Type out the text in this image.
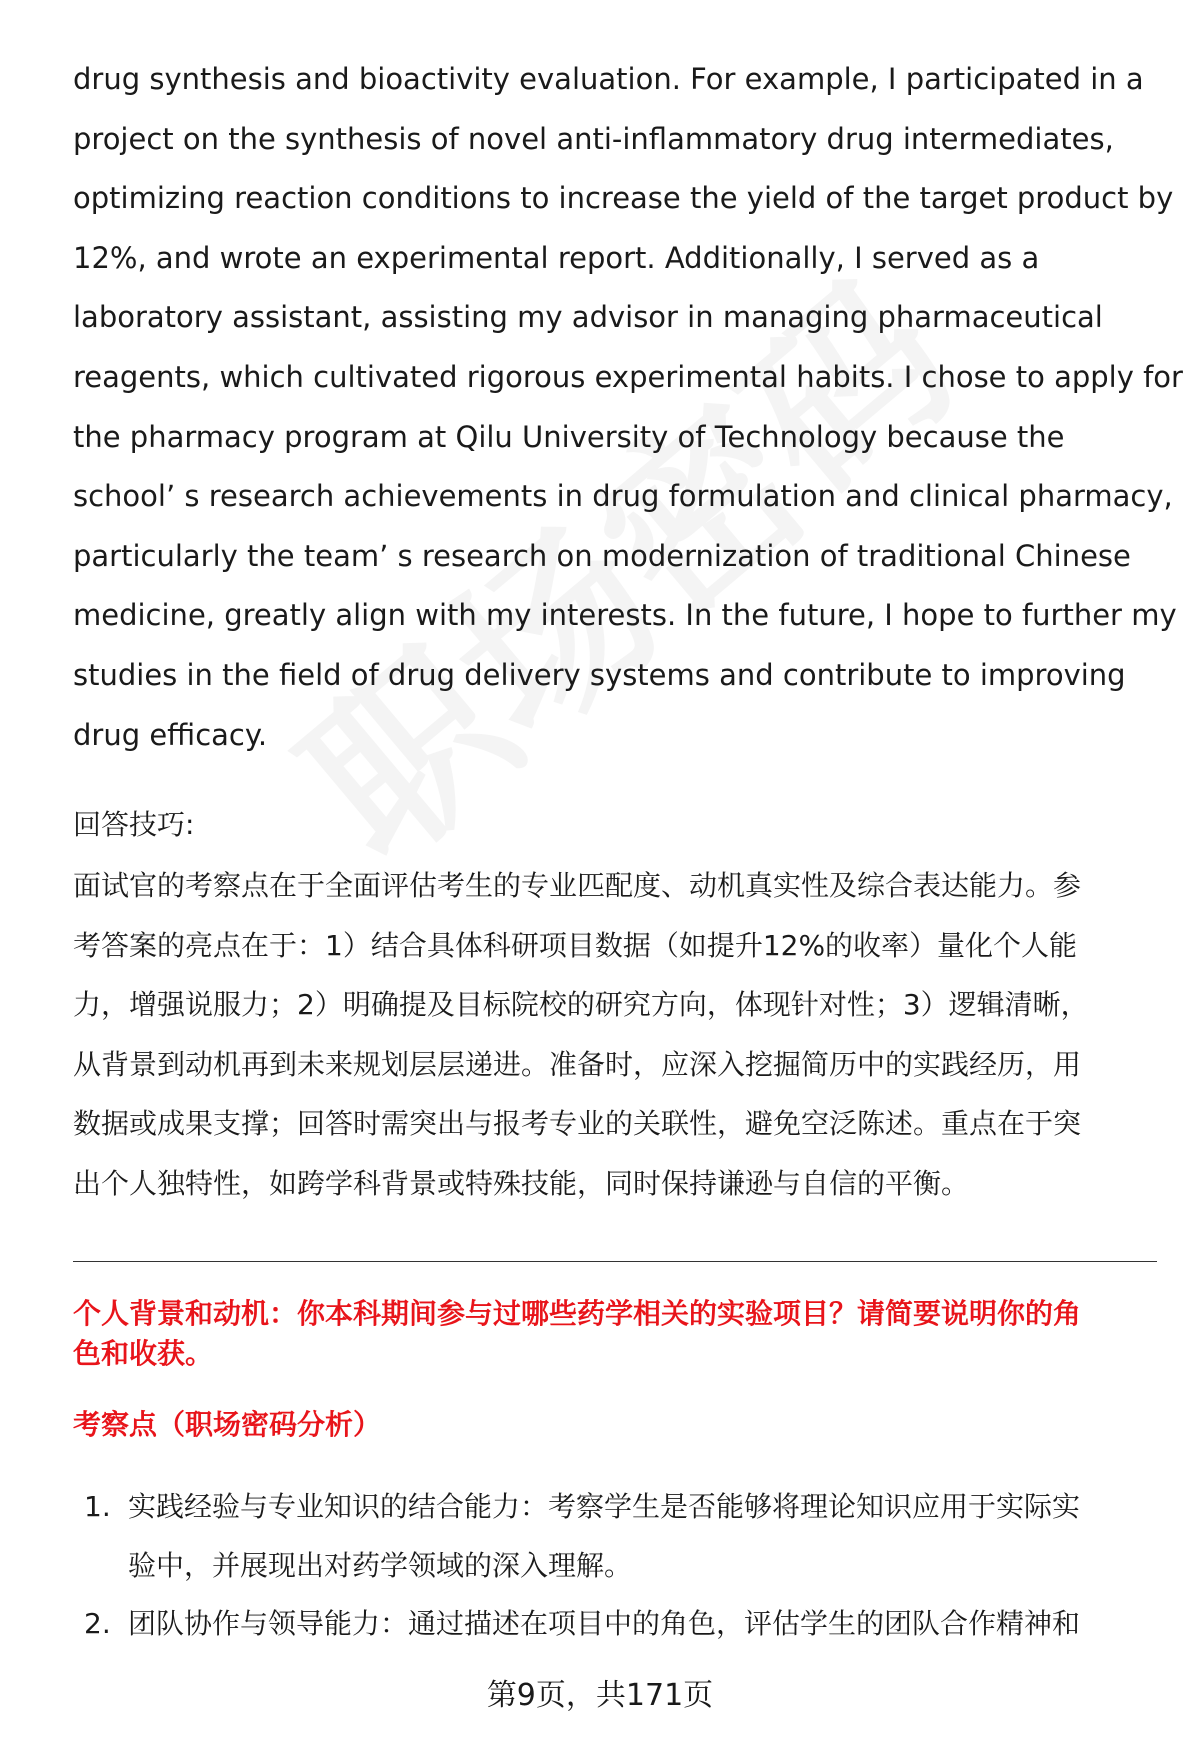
drug synthesis and bioactivity evaluation. For example, I participated in a

project on the synthesis of novel anti-inflammatory drug intermediates,

optimizing reaction conditions to increase the yield of the target product by

12%, and wrote an experimental report. Additionally, I served as a

laboratory assistant, assisting my advisor in managing pharmaceutical

reagents, which cultivated rigorous experimental habits. I chose to apply for

the pharmacy program at Qilu University of Technology because the

school’ s research achievements in drug formulation and clinical pharmacy,

particularly the team’ s research on modernization of traditional Chinese

medicine, greatly align with my interests. In the future, I hope to further my

studies in the field of drug delivery systems and contribute to improving

drug efficacy.

回答技巧:

面试官的考察点在于全面评估考生的专业匹配度、动机真实性及综合表达能力。参

考答案的亮点在于：1）结合具体科研项目数据（如提升12%的收率）量化个人能

力，增强说服力；2）明确提及目标院校的研究方向，体现针对性；3）逻辑清晰，

从背景到动机再到未来规划层层递进。准备时，应深入挖掘简历中的实践经历，用

数据或成果支撑；回答时需突出与报考专业的关联性，避免空泛陈述。重点在于突

出个人独特性，如跨学科背景或特殊技能，同时保持谦逊与自信的平衡。

个人背景和动机：你本科期间参与过哪些药学相关的实验项目？请简要说明你的角

色和收获。

考察点（职场密码分析）
1. 实践经验与专业知识的结合能力：考察学生是否能够将理论知识应用于实际实

验中，并展现出对药学领域的深入理解。

2. 团队协作与领导能力：通过描述在项目中的角色，评估学生的团队合作精神和

第9页，共171页
